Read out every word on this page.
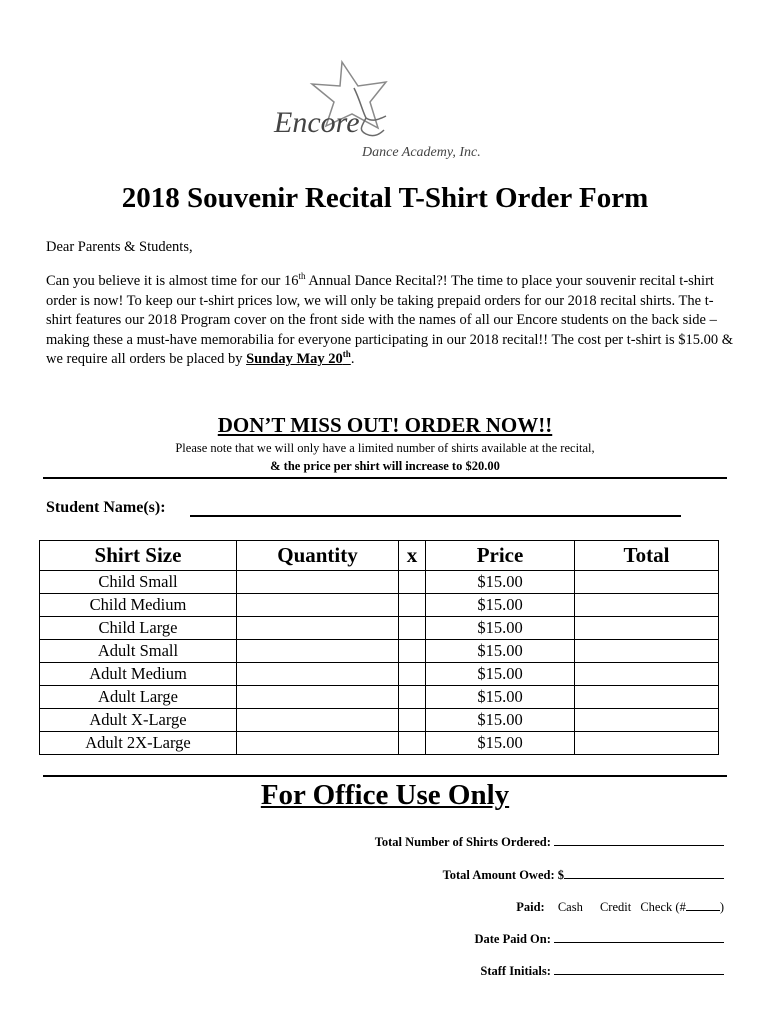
Encore
Dance Academy, Inc.
2018 Souvenir Recital T-Shirt Order Form
Dear Parents & Students,
Can you believe it is almost time for our 16th Annual Dance Recital?! The time to place your souvenir recital t-shirt order is now! To keep our t-shirt prices low, we will only be taking prepaid orders for our 2018 recital shirts. The t-shirt features our 2018 Program cover on the front side with the names of all our Encore students on the back side – making these a must-have memorabilia for everyone participating in our 2018 recital!! The cost per t-shirt is $15.00 & we require all orders be placed by Sunday May 20th.
DON’T MISS OUT! ORDER NOW!!
Please note that we will only have a limited number of shirts available at the recital,
& the price per shirt will increase to $20.00
Student Name(s):
Shirt Size	Quantity	x	Price	Total
Child Small			$15.00	
Child Medium			$15.00	
Child Large			$15.00	
Adult Small			$15.00	
Adult Medium			$15.00	
Adult Large			$15.00	
Adult X-Large			$15.00	
Adult 2X-Large			$15.00	
For Office Use Only
Total Number of Shirts Ordered:
Total Amount Owed: $
Paid: Cash Credit Check (#	)
Date Paid On:
Staff Initials:
